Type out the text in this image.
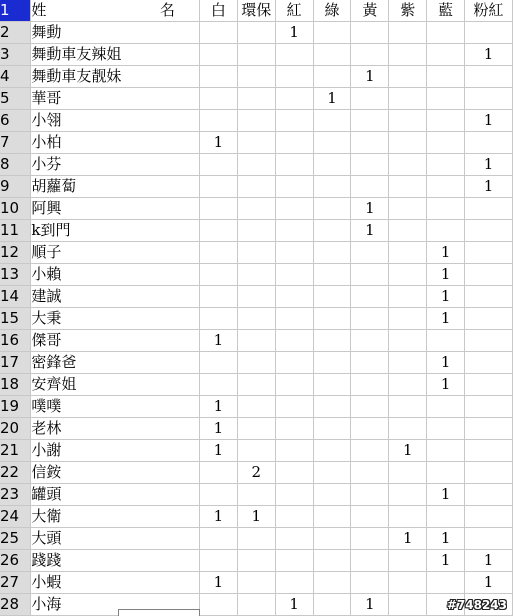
1	姓 名	白	環保	紅	綠	黃	紫	藍	粉紅
2	舞動			1					
3	舞動車友辣姐								1
4	舞動車友靓妹					1			
5	華哥				1				
6	小翎								1
7	小柏	1							
8	小芬								1
9	胡蘿蔔								1
10	阿興					1			
11	k到門					1			
12	順子							1	
13	小賴							1	
14	建誠							1	
15	大秉							1	
16	傑哥	1							
17	密鋒爸							1	
18	安齊姐							1	
19	噗噗	1							
20	老林	1							
21	小謝	1					1		
22	信銨		2						
23	罐頭							1	
24	大衛	1	1						
25	大頭						1	1	
26	踐踐							1	1
27	小蝦	1							1
28	小海			1		1				#748243
